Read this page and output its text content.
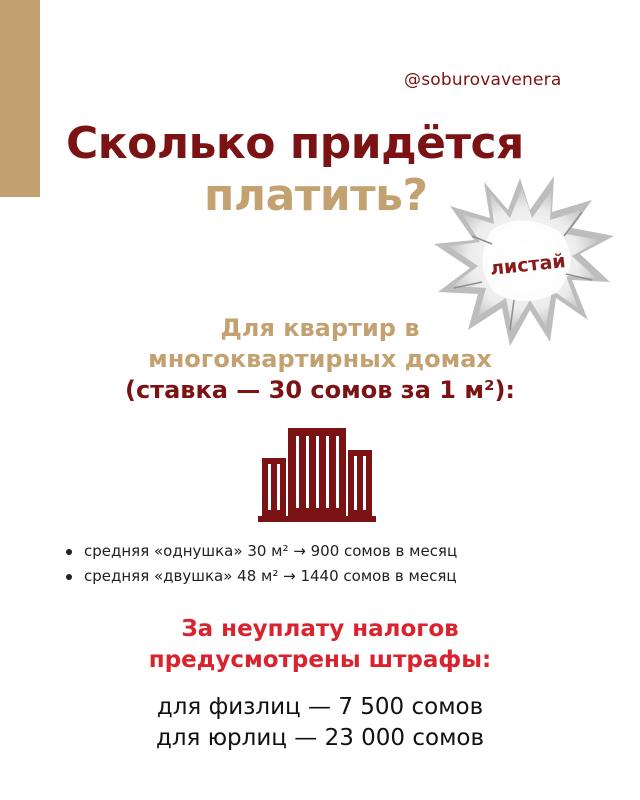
@soburovavenera
Сколько придётся
платить?
листай
Для квартир в
многоквартирных домах
(ставка — 30 сомов за 1 м²):
средняя «однушка» 30 м² → 900 сомов в месяц
средняя «двушка» 48 м² → 1440 сомов в месяц
За неуплату налогов
предусмотрены штрафы:
для физлиц — 7 500 сомов
для юрлиц — 23 000 сомов
